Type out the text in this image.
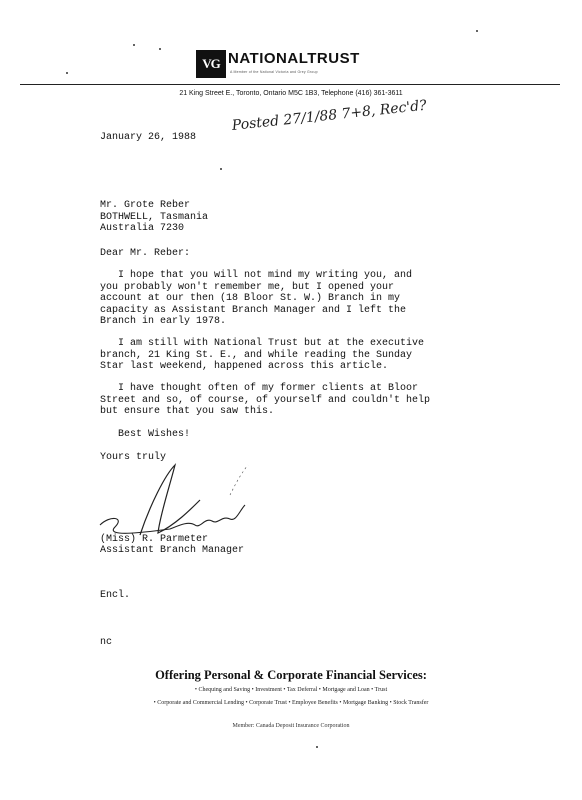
VG NATIONALTRUST
A Member of the National Victoria and Grey Group
21 King Street E., Toronto, Ontario M5C 1B3, Telephone (416) 361-3611
January 26, 1988
Posted 27/1/88 7+8, Rec'd?
Mr. Grote Reber
BOTHWELL, Tasmania
Australia 7230
Dear Mr. Reber:
I hope that you will not mind my writing you, and
you probably won't remember me, but I opened your
account at our then (18 Bloor St. W.) Branch in my
capacity as Assistant Branch Manager and I left the
Branch in early 1978.
I am still with National Trust but at the executive
branch, 21 King St. E., and while reading the Sunday
Star last weekend, happened across this article.
I have thought often of my former clients at Bloor
Street and so, of course, of yourself and couldn't help
but ensure that you saw this.
Best Wishes!
Yours truly
(Miss) R. Parmeter
Assistant Branch Manager
Encl.
nc
Offering Personal & Corporate Financial Services:
• Chequing and Saving • Investment • Tax Deferral • Mortgage and Loan • Trust
• Corporate and Commercial Lending • Corporate Trust • Employee Benefits • Mortgage Banking • Stock Transfer
Member: Canada Deposit Insurance Corporation
